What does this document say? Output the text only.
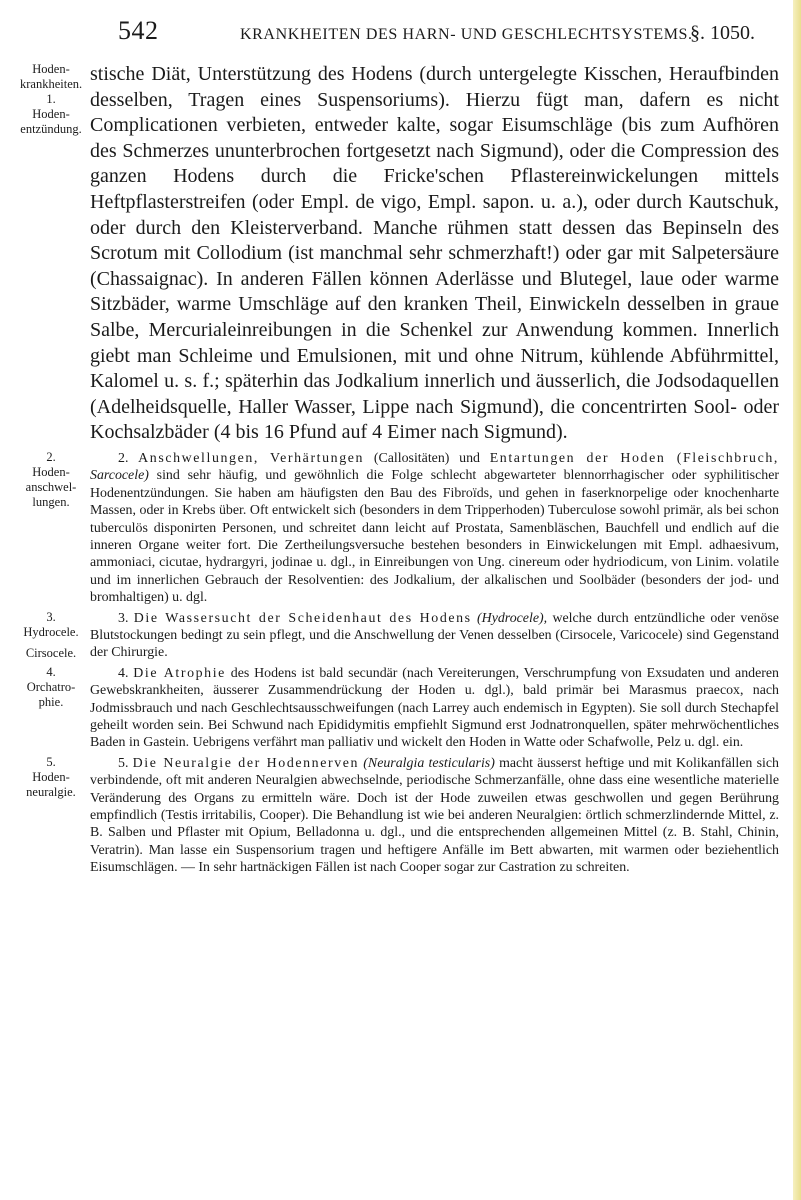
542	KRANKHEITEN DES HARN- UND GESCHLECHTSYSTEMS.
§. 1050.
Hoden-
krankheiten.
1.
Hoden-
entzündung.
stische Diät, Unterstützung des Hodens (durch untergelegte Kisschen, Heraufbinden desselben, Tragen eines Suspensoriums). Hierzu fügt man, dafern es nicht Complicationen verbieten, entweder kalte, sogar Eisumschläge (bis zum Aufhören des Schmerzes ununterbrochen fortgesetzt nach Sigmund), oder die Compression des ganzen Hodens durch die Fricke'schen Pflastereinwickelungen mittels Heftpflasterstreifen (oder Empl. de vigo, Empl. sapon. u. a.), oder durch Kautschuk, oder durch den Kleisterverband. Manche rühmen statt dessen das Bepinseln des Scrotum mit Collodium (ist manchmal sehr schmerzhaft!) oder gar mit Salpetersäure (Chassaignac). In anderen Fällen können Aderlässe und Blutegel, laue oder warme Sitzbäder, warme Umschläge auf den kranken Theil, Einwickeln desselben in graue Salbe, Mercurialeinreibungen in die Schenkel zur Anwendung kommen. Innerlich giebt man Schleime und Emulsionen, mit und ohne Nitrum, kühlende Abführmittel, Kalomel u. s. f.; späterhin das Jodkalium innerlich und äusserlich, die Jodsodaquellen (Adelheidsquelle, Haller Wasser, Lippe nach Sigmund), die concentrirten Sool- oder Kochsalzbäder (4 bis 16 Pfund auf 4 Eimer nach Sigmund).
2.
Hoden-
anschwel-
lungen.
2. Anschwellungen, Verhärtungen (Callositäten) und Entartungen der Hoden (Fleischbruch, Sarcocele) sind sehr häufig, und gewöhnlich die Folge schlecht abgewarteter blennorrhagischer oder syphilitischer Hodenentzündungen. Sie haben am häufigsten den Bau des Fibroïds, und gehen in faserknorpelige oder knochenharte Massen, oder in Krebs über. Oft entwickelt sich (besonders in dem Tripperhoden) Tuberculose sowohl primär, als bei schon tuberculös disponirten Personen, und schreitet dann leicht auf Prostata, Samenbläschen, Bauchfell und endlich auf die inneren Organe weiter fort. Die Zertheilungsversuche bestehen besonders in Einwickelungen mit Empl. adhaesivum, ammoniaci, cicutae, hydrargyri, jodinae u. dgl., in Einreibungen von Ung. cinereum oder hydriodicum, von Linim. volatile und im innerlichen Gebrauch der Resolventien: des Jodkalium, der alkalischen und Soolbäder (besonders der jod- und bromhaltigen) u. dgl.
3.
Hydrocele.
Cirsocele.
3. Die Wassersucht der Scheidenhaut des Hodens (Hydrocele), welche durch entzündliche oder venöse Blutstockungen bedingt zu sein pflegt, und die Anschwellung der Venen desselben (Cirsocele, Varicocele) sind Gegenstand der Chirurgie.
4.
Orchatro-
phie.
4. Die Atrophie des Hodens ist bald secundär (nach Vereiterungen, Verschrumpfung von Exsudaten und anderen Gewebskrankheiten, äusserer Zusammendrückung der Hoden u. dgl.), bald primär bei Marasmus praecox, nach Jodmissbrauch und nach Geschlechtsausschweifungen (nach Larrey auch endemisch in Egypten). Sie soll durch Stechapfel geheilt worden sein. Bei Schwund nach Epididymitis empfiehlt Sigmund erst Jodnatronquellen, später mehrwöchentliches Baden in Gastein. Uebrigens verfährt man palliativ und wickelt den Hoden in Watte oder Schafwolle, Pelz u. dgl. ein.
5.
Hoden-
neuralgie.
5. Die Neuralgie der Hodennerven (Neuralgia testicularis) macht äusserst heftige und mit Kolikanfällen sich verbindende, oft mit anderen Neuralgien abwechselnde, periodische Schmerzanfälle, ohne dass eine wesentliche materielle Veränderung des Organs zu ermitteln wäre. Doch ist der Hode zuweilen etwas geschwollen und gegen Berührung empfindlich (Testis irritabilis, Cooper). Die Behandlung ist wie bei anderen Neuralgien: örtlich schmerzlindernde Mittel, z. B. Salben und Pflaster mit Opium, Belladonna u. dgl., und die entsprechenden allgemeinen Mittel (z. B. Stahl, Chinin, Veratrin). Man lasse ein Suspensorium tragen und heftigere Anfälle im Bett abwarten, mit warmen oder beziehentlich Eisumschlägen. — In sehr hartnäckigen Fällen ist nach Cooper sogar zur Castration zu schreiten.
